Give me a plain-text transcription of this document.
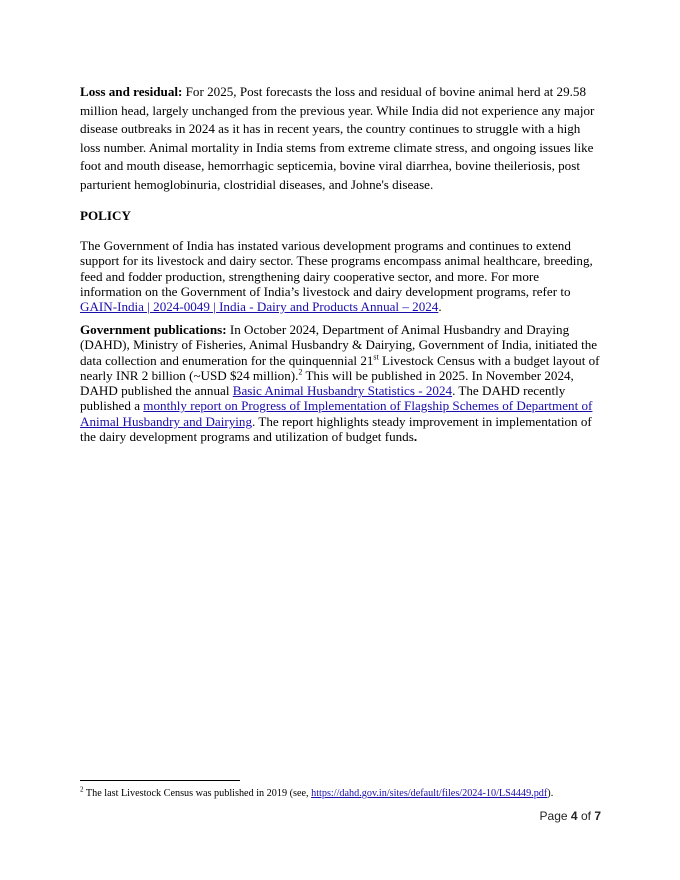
Loss and residual: For 2025, Post forecasts the loss and residual of bovine animal herd at 29.58 million head, largely unchanged from the previous year. While India did not experience any major disease outbreaks in 2024 as it has in recent years, the country continues to struggle with a high loss number. Animal mortality in India stems from extreme climate stress, and ongoing issues like foot and mouth disease, hemorrhagic septicemia, bovine viral diarrhea, bovine theileriosis, post parturient hemoglobinuria, clostridial diseases, and Johne's disease.

POLICY

The Government of India has instated various development programs and continues to extend support for its livestock and dairy sector. These programs encompass animal healthcare, breeding, feed and fodder production, strengthening dairy cooperative sector, and more. For more information on the Government of India’s livestock and dairy development programs, refer to GAIN-India | 2024-0049 | India - Dairy and Products Annual – 2024.

Government publications: In October 2024, Department of Animal Husbandry and Draying (DAHD), Ministry of Fisheries, Animal Husbandry & Dairying, Government of India, initiated the data collection and enumeration for the quinquennial 21st Livestock Census with a budget layout of nearly INR 2 billion (~USD $24 million).$^2$ This will be published in 2025. In November 2024, DAHD published the annual Basic Animal Husbandry Statistics - 2024. The DAHD recently published a monthly report on Progress of Implementation of Flagship Schemes of Department of Animal Husbandry and Dairying. The report highlights steady improvement in implementation of the dairy development programs and utilization of budget funds.

$^2$ The last Livestock Census was published in 2019 (see, https://dahd.gov.in/sites/default/files/2024-10/LS4449.pdf).

Page 4 of 7
